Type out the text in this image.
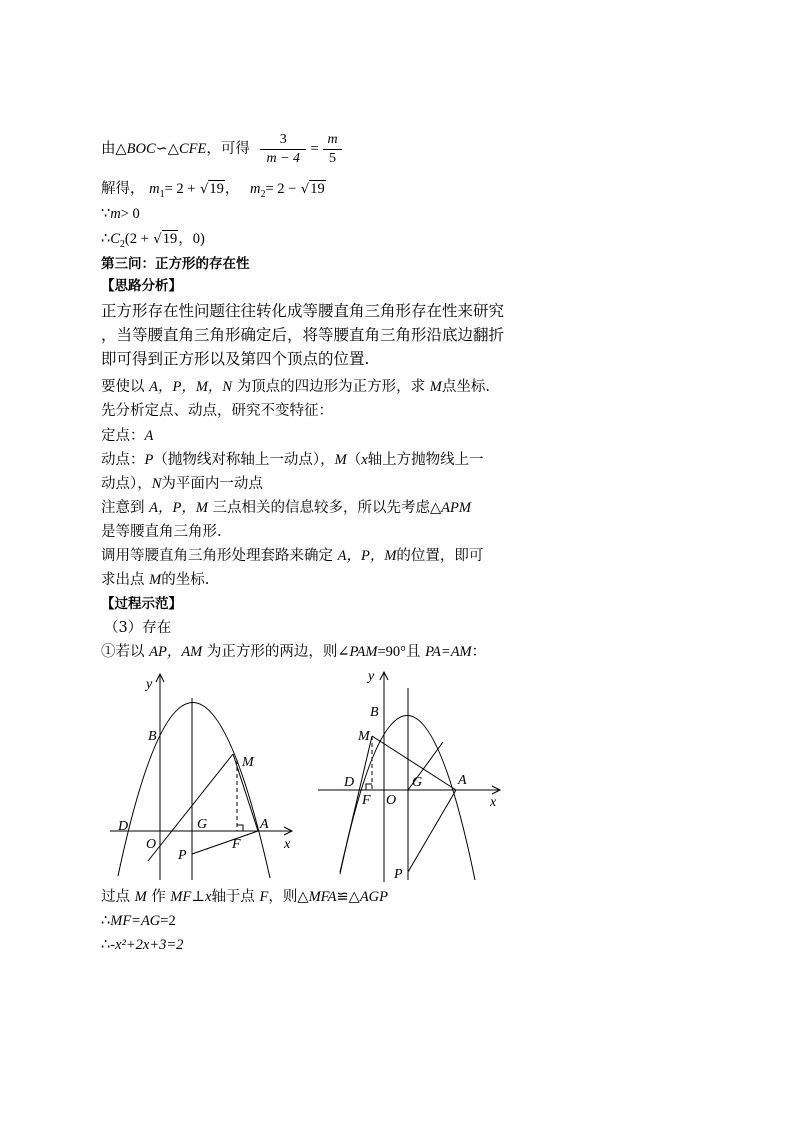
由△BOC∽△CFE，可得 $\frac{3}{m - 4} = \frac{m}{5}$
解得， $m_1= 2 + √19$， $m_2= 2 - √19$
∵m> 0
$\therefore C_2(2 + √19$，0)
第三问：正方形的存在性
【思路分析】
正方形存在性问题往往转化成等腰直角三角形存在性来研究
，当等腰直角三角形确定后，将等腰直角三角形沿底边翻折
即可得到正方形以及第四个顶点的位置.
要使以 A，P，M，N 为顶点的四边形为正方形，求 M点坐标.
先分析定点、动点，研究不变特征：
定点：A
动点：P（抛物线对称轴上一动点），M（x轴上方抛物线上一
动点），N为平面内一动点
注意到 A，P，M 三点相关的信息较多，所以先考虑△APM
是等腰直角三角形.
调用等腰直角三角形处理套路来确定 A，P，M的位置，即可
求出点 M的坐标.
【过程示范】
（3）存在
①若以 AP，AM 为正方形的两边，则∠PAM=90°且 PA=AM：
y
x
B
M
D	G	A
O	F
P
y
x
B
M
D	G	A
O
F
P
过点 M 作 MF⊥x轴于点 F，则△MFA≌△AGP
∴MF=AG=2
∴-x²+2x+3=2
